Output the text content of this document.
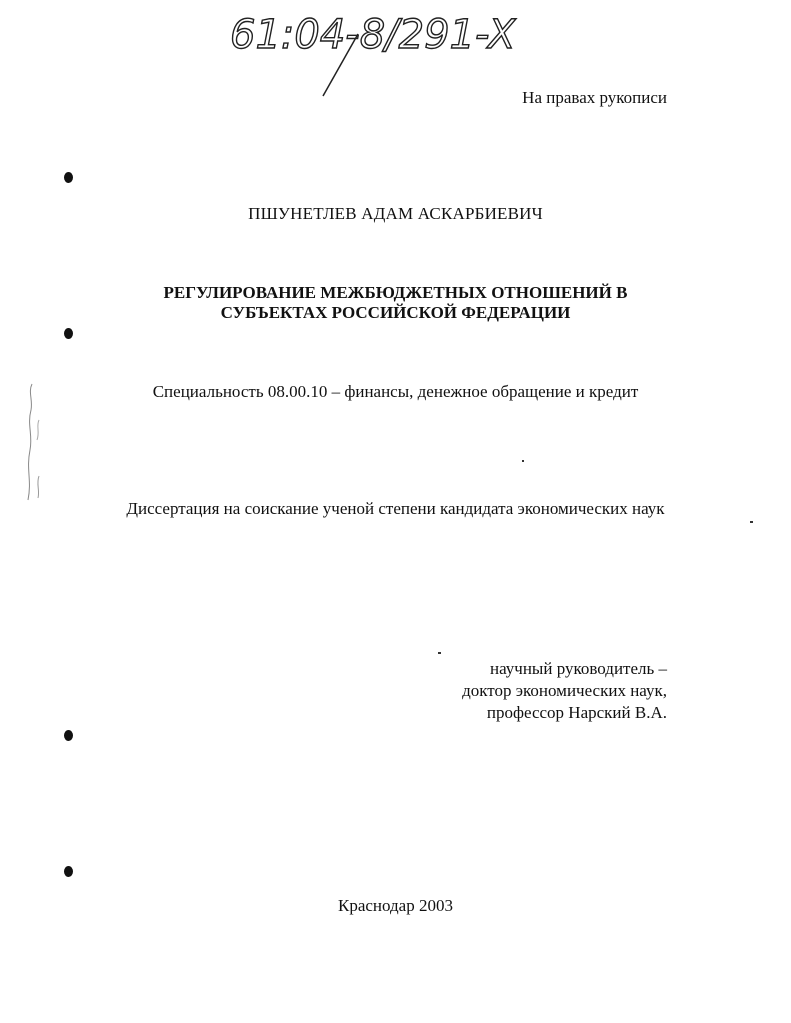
61:04-8/291-X
На правах рукописи
ПШУНЕТЛЕВ АДАМ АСКАРБИЕВИЧ
РЕГУЛИРОВАНИЕ МЕЖБЮДЖЕТНЫХ ОТНОШЕНИЙ В
СУБЪЕКТАХ РОССИЙСКОЙ ФЕДЕРАЦИИ
Специальность 08.00.10 – финансы, денежное обращение и кредит
Диссертация на соискание ученой степени кандидата экономических наук
научный руководитель –
доктор экономических наук,
профессор Нарский В.А.
Краснодар 2003
